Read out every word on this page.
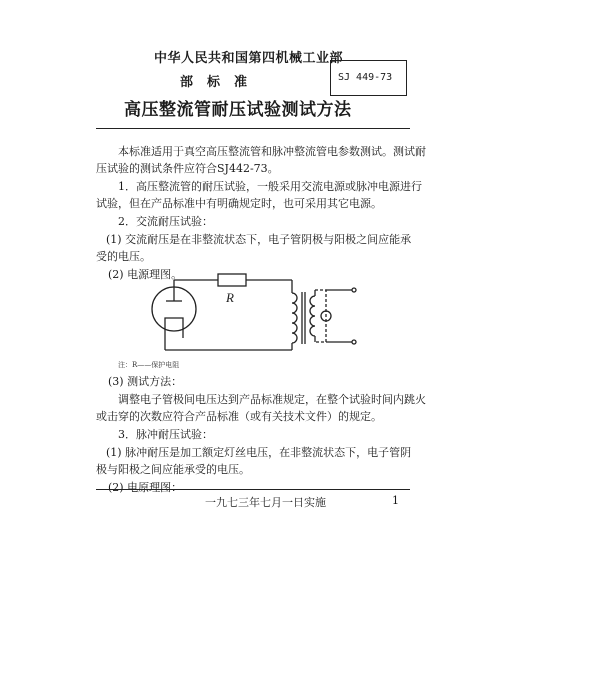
中华人民共和国第四机械工业部
部标准	SJ 449-73
高压整流管耐压试验测试方法
本标准适用于真空高压整流管和脉冲整流管电参数测试。测试耐
压试验的测试条件应符合SJ442-73。
1．高压整流管的耐压试验，一般采用交流电源或脉冲电源进行
试验，但在产品标准中有明确规定时，也可采用其它电源。
2．交流耐压试验：
(1) 交流耐压是在非整流状态下，电子管阴极与阳极之间应能承
受的电压。
(2) 电源理图。
R
注：R——保护电阻
(3) 测试方法：
调整电子管极间电压达到产品标准规定，在整个试验时间内跳火
或击穿的次数应符合产品标准（或有关技术文件）的规定。
3．脉冲耐压试验：
(1) 脉冲耐压是加工额定灯丝电压，在非整流状态下，电子管阴
极与阳极之间应能承受的电压。
(2) 电原理图：
一九七三年七月一日实施	1
